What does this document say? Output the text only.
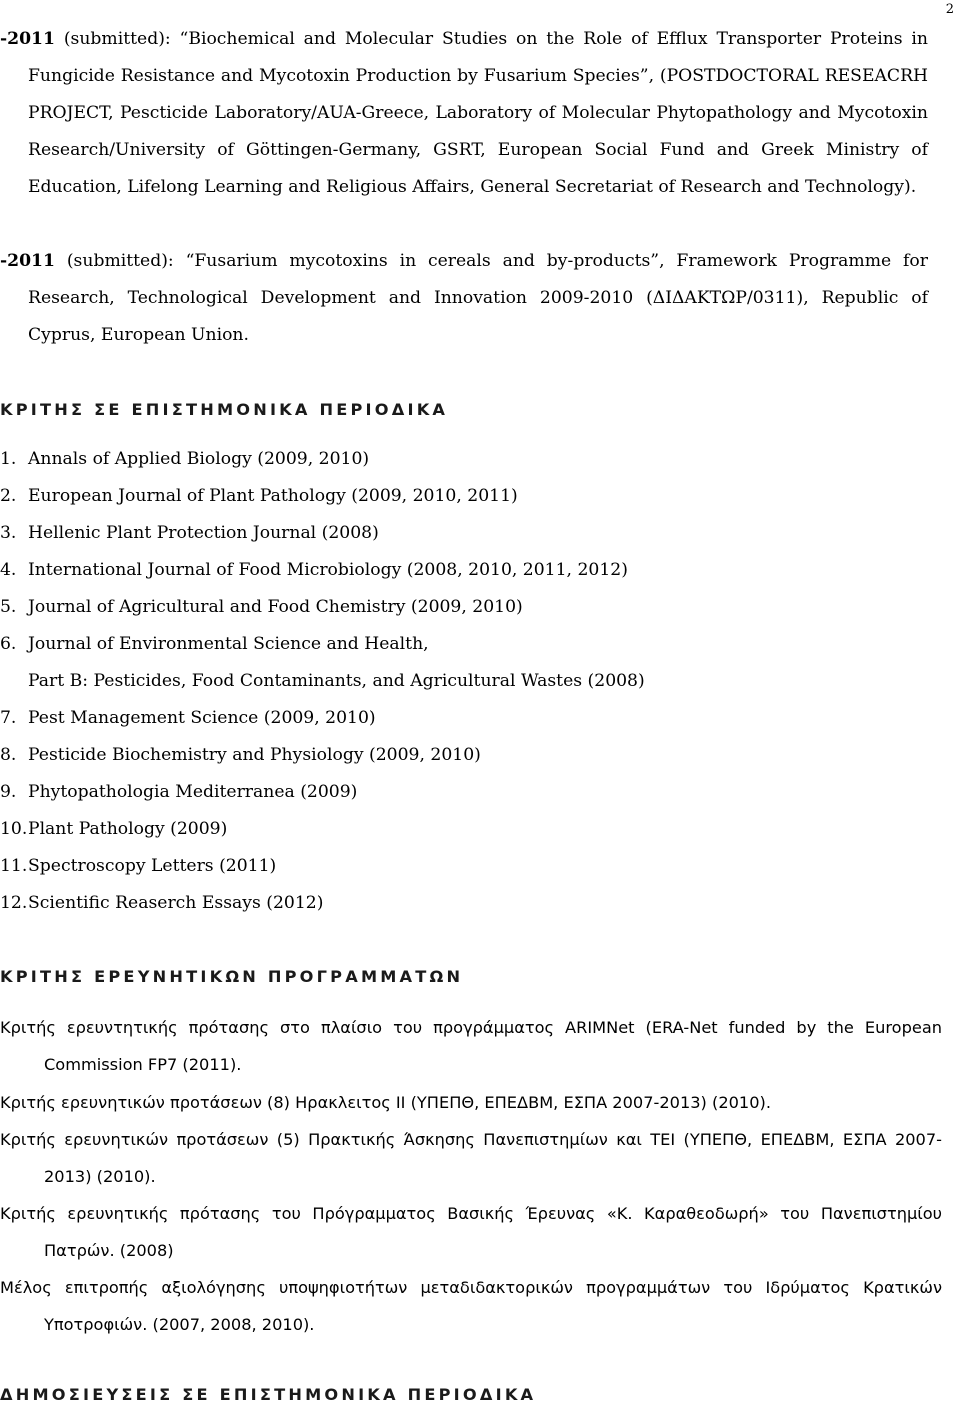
2
-2011 (submitted): “Biochemical and Molecular Studies on the Role of Efflux Transporter Proteins in Fungicide Resistance and Mycotoxin Production by Fusarium Species”, (POSTDOCTORAL RESEACRH PROJECT, Pescticide Laboratory/AUA-Greece, Laboratory of Molecular Phytopathology and Mycotoxin Research/University of Göttingen-Germany, GSRT, European Social Fund and Greek Ministry of Education, Lifelong Learning and Religious Affairs, General Secretariat of Research and Technology).
-2011 (submitted): “Fusarium mycotoxins in cereals and by-products”, Framework Programme for Research, Technological Development and Innovation 2009-2010 (ΔΙΔΑΚΤΩΡ/0311), Republic of Cyprus, European Union.
ΚΡΙΤΗΣ ΣΕ ΕΠΙΣΤΗΜΟΝΙΚΑ ΠΕΡΙΟΔΙΚΑ
1. Annals of Applied Biology (2009, 2010)
2. European Journal of Plant Pathology (2009, 2010, 2011)
3. Hellenic Plant Protection Journal (2008)
4. International Journal of Food Microbiology (2008, 2010, 2011, 2012)
5. Journal of Agricultural and Food Chemistry (2009, 2010)
6. Journal of Environmental Science and Health,
Part B: Pesticides, Food Contaminants, and Agricultural Wastes (2008)
7. Pest Management Science (2009, 2010)
8. Pesticide Biochemistry and Physiology (2009, 2010)
9. Phytopathologia Mediterranea (2009)
10. Plant Pathology (2009)
11. Spectroscopy Letters (2011)
12. Scientific Reaserch Essays (2012)
ΚΡΙΤΗΣ ΕΡΕΥΝΗΤΙΚΩΝ ΠΡΟΓΡΑΜΜΑΤΩΝ
Κριτής ερευντητικής πρότασης στο πλαίσιο του προγράμματος ARIMNet (ERA-Net funded by the European Commission FP7 (2011).
Κριτής ερευνητικών προτάσεων (8) Ηρακλειτος ΙΙ (ΥΠΕΠΘ, ΕΠΕΔΒΜ, ΕΣΠΑ 2007-2013) (2010).
Κριτής ερευνητικών προτάσεων (5) Πρακτικής Άσκησης Πανεπιστημίων και ΤΕΙ (ΥΠΕΠΘ, ΕΠΕΔΒΜ, ΕΣΠΑ 2007-2013) (2010).
Κριτής ερευνητικής πρότασης του Πρόγραμματος Βασικής Έρευνας «Κ. Καραθεοδωρή» του Πανεπιστημίου Πατρών. (2008)
Μέλος επιτροπής αξιολόγησης υποψηφιοτήτων μεταδιδακτορικών προγραμμάτων του Ιδρύματος Κρατικών Υποτροφιών. (2007, 2008, 2010).
ΔΗΜΟΣΙΕΥΣΕΙΣ ΣΕ ΕΠΙΣΤΗΜΟΝΙΚΑ ΠΕΡΙΟΔΙΚΑ
